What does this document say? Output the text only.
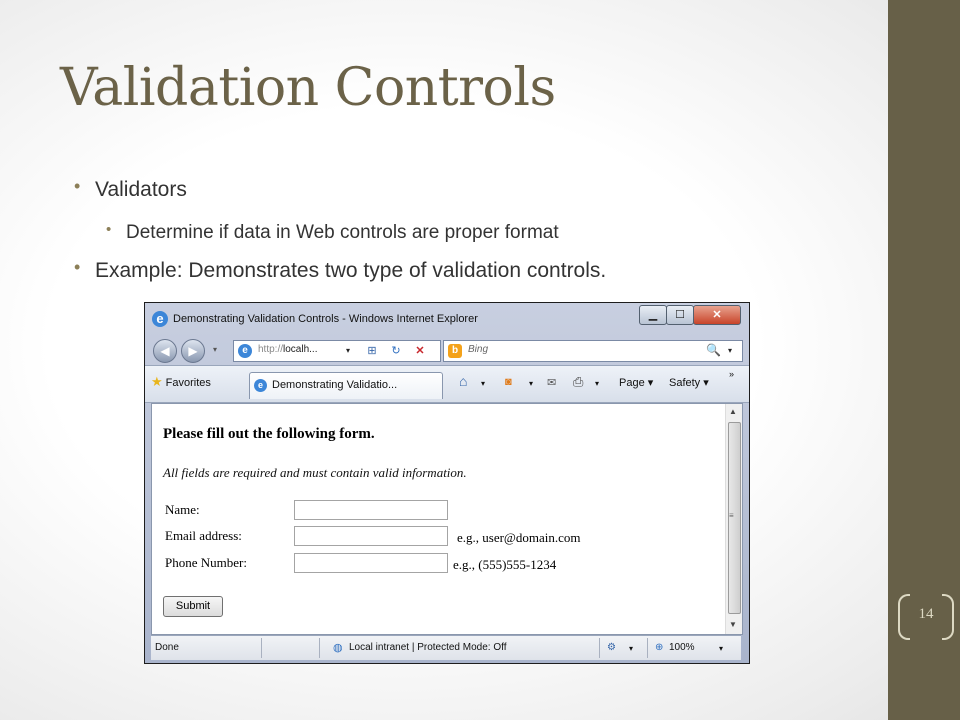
14
Validation Controls
• Validators
• Determine if data in Web controls are proper format
• Example: Demonstrates two type of validation controls.
e Demonstrating Validation Controls - Windows Internet Explorer	▁	☐	✕
◀	▶	▾	e	http://localh...	▾	⊞	↻	✕	b Bing	🔍 ▾
★ Favorites	e Demonstrating Validatio...	⌂ ▾ ◙ ▾ ✉ ⎙ ▾ Page ▾ Safety ▾
»
Please fill out the following form.
All fields are required and must contain valid information.
Name:
Email address:	e.g., user@domain.com
Phone Number:	e.g., (555)555-1234
Submit
▲
≡
▼
Done	◍ Local intranet | Protected Mode: Off	⚙ ▾ ⊕ 100%	▾
